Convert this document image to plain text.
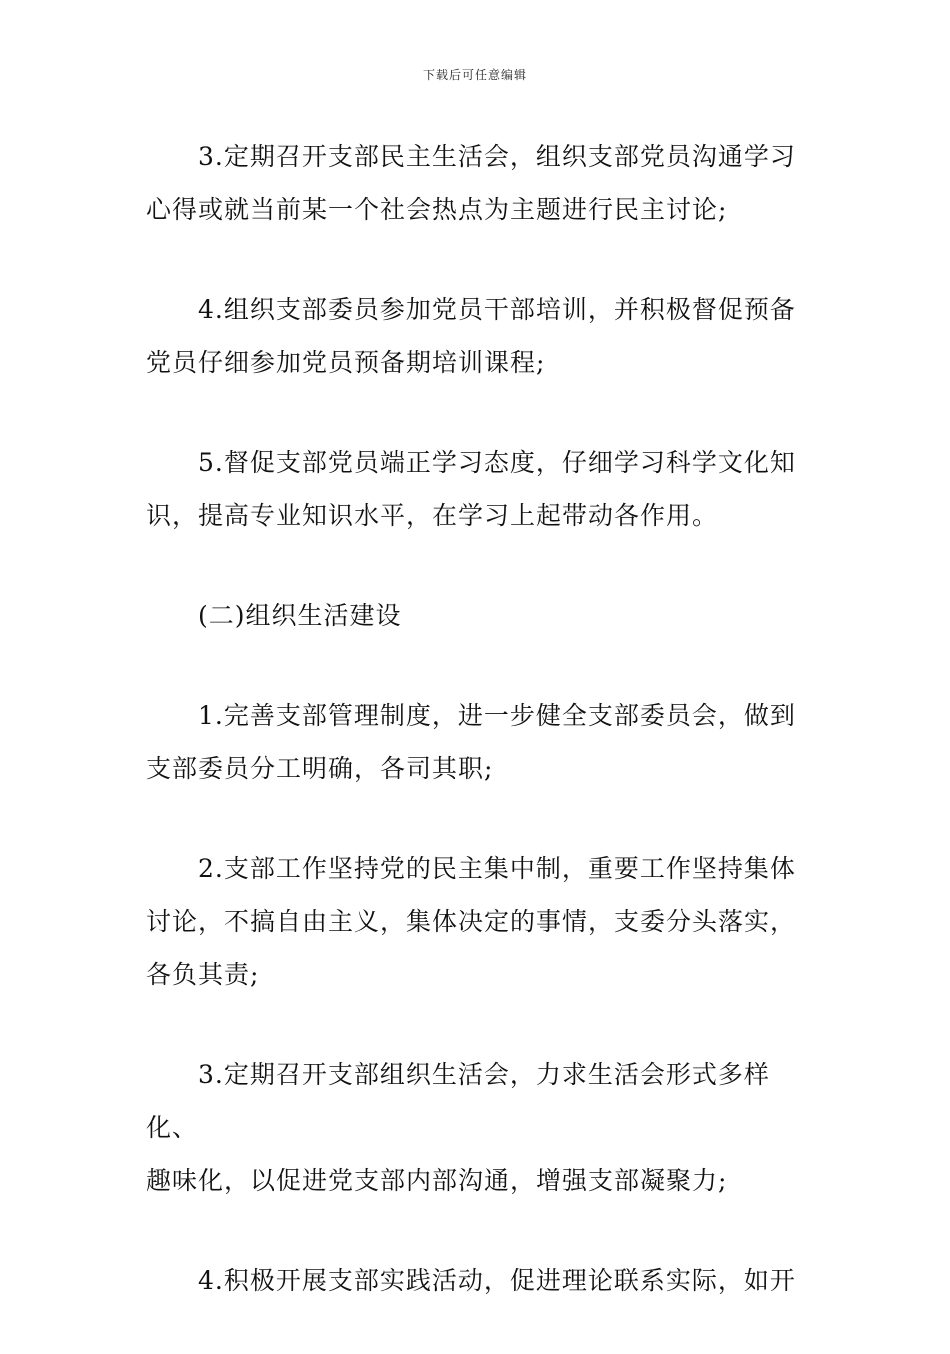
下载后可任意编辑

3.定期召开支部民主生活会，组织支部党员沟通学习
心得或就当前某一个社会热点为主题进行民主讨论;

4.组织支部委员参加党员干部培训，并积极督促预备
党员仔细参加党员预备期培训课程;

5.督促支部党员端正学习态度，仔细学习科学文化知
识，提高专业知识水平，在学习上起带动各作用。

(二)组织生活建设

1.完善支部管理制度，进一步健全支部委员会，做到
支部委员分工明确，各司其职;

2.支部工作坚持党的民主集中制，重要工作坚持集体
讨论，不搞自由主义，集体决定的事情，支委分头落实，
各负其责;

3.定期召开支部组织生活会，力求生活会形式多样化、
趣味化，以促进党支部内部沟通，增强支部凝聚力;

4.积极开展支部实践活动，促进理论联系实际，如开
